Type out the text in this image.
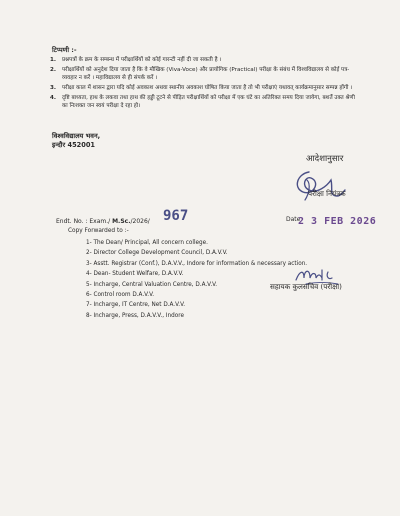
टिप्पणी :-
1.	प्रश्नपत्रों के क्रम के सम्बन्ध में परीक्षार्थियों को कोई गारन्टी नहीं दी जा सकती है ।
2.	परीक्षार्थियों को अनुदेश दिया जाता है कि वे मौखिक (Viva-Voce) और प्रायोगिक (Practical) परीक्षा के संबंध में विश्वविद्यालय से कोई पत्र-व्यवहार न करें । महाविद्यालय से ही संपर्क करें ।
3.	परीक्षा काल में शासन द्वारा यदि कोई अवकाश अथवा स्थानीय अवकाश घोषित किया जाता है तो भी परीक्षाएं यथावत् कार्यक्रमानुसार सम्पन्न होंगी ।
4.	दृष्टि बाध्यता, हाथ के लकवा तथा हाथ की हड्डी टूटने से पीड़ित परीक्षार्थियों को परीक्षा में एक घंटे का अतिरिक्त समय दिया जायेगा, बशर्ते उक्त श्रेणी का निःशक्त जन स्वयं परीक्षा दे रहा हो।
विश्वविद्यालय भवन,
इन्दौर 452001
आदेशानुसार
परीक्षा नियंत्रक
Endt. No. : Exam./ M.Sc./2026/ 967	Date
2 3 FEB 2026
Copy Forwarded to :-
1- The Dean/ Principal, All concern college.
2- Director College Development Council, D.A.V.V.
3- Asstt. Registrar (Conf.), D.A.V.V., Indore for information & necessary action.
4- Dean- Student Welfare, D.A.V.V.
5- Incharge, Central Valuation Centre, D.A.V.V.
6- Control room D.A.V.V.
7- Incharge, IT Centre, Net D.A.V.V.
8- Incharge, Press, D.A.V.V., Indore
सहायक कुलसचिव (परीक्षा)
